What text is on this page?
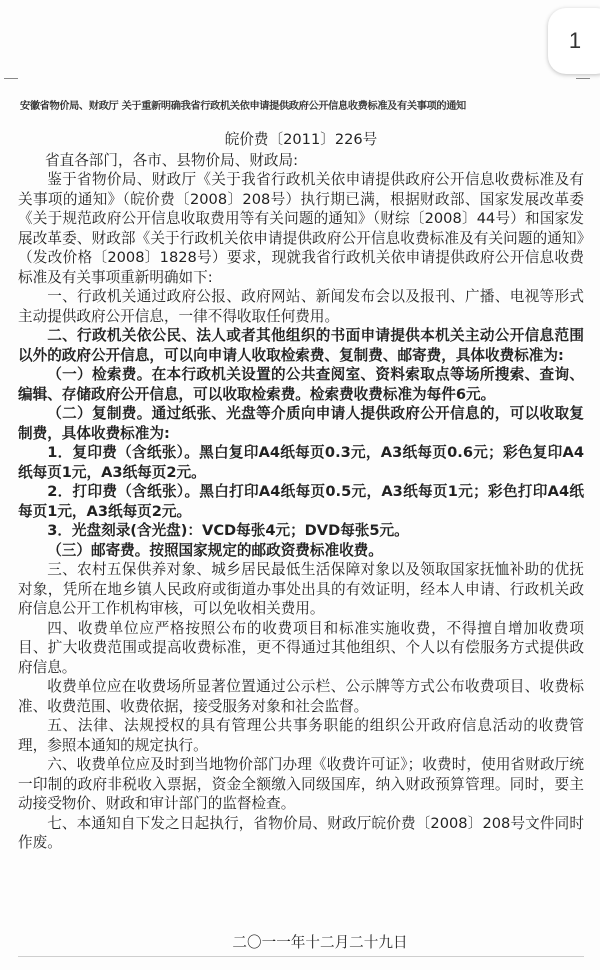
1
安徽省物价局、财政厅 关于重新明确我省行政机关依申请提供政府公开信息收费标准及有关事项的通知

皖价费〔2011〕226号

省直各部门，各市、县物价局、财政局:

鉴于省物价局、财政厅《关于我省行政机关依申请提供政府公开信息收费标准及有关事项的通知》（皖价费〔2008〕208号）执行期已满，根据财政部、国家发展改革委《关于规范政府公开信息收取费用等有关问题的通知》（财综〔2008〕44号）和国家发展改革委、财政部《关于行政机关依申请提供政府公开信息收费标准及有关问题的通知》（发改价格〔2008〕1828号）要求，现就我省行政机关依申请提供政府公开信息收费标准及有关事项重新明确如下:

一、行政机关通过政府公报、政府网站、新闻发布会以及报刊、广播、电视等形式主动提供政府公开信息，一律不得收取任何费用。

二、行政机关依公民、法人或者其他组织的书面申请提供本机关主动公开信息范围以外的政府公开信息，可以向申请人收取检索费、复制费、邮寄费，具体收费标准为:

（一）检索费。在本行政机关设置的公共查阅室、资料索取点等场所搜索、查询、编辑、存储政府公开信息，可以收取检索费。检索费收费标准为每件6元。

（二）复制费。通过纸张、光盘等介质向申请人提供政府公开信息的，可以收取复制费，具体收费标准为:

1．复印费（含纸张）。黑白复印A4纸每页0.3元，A3纸每页0.6元；彩色复印A4纸每页1元，A3纸每页2元。

2．打印费（含纸张）。黑白打印A4纸每页0.5元，A3纸每页1元；彩色打印A4纸每页1元，A3纸每页2元。

3．光盘刻录(含光盘)：VCD每张4元；DVD每张5元。

（三）邮寄费。按照国家规定的邮政资费标准收费。

三、农村五保供养对象、城乡居民最低生活保障对象以及领取国家抚恤补助的优抚对象，凭所在地乡镇人民政府或街道办事处出具的有效证明，经本人申请、行政机关政府信息公开工作机构审核，可以免收相关费用。

四、收费单位应严格按照公布的收费项目和标准实施收费，不得擅自增加收费项目、扩大收费范围或提高收费标准，更不得通过其他组织、个人以有偿服务方式提供政府信息。

收费单位应在收费场所显著位置通过公示栏、公示牌等方式公布收费项目、收费标准、收费范围、收费依据，接受服务对象和社会监督。

五、法律、法规授权的具有管理公共事务职能的组织公开政府信息活动的收费管理，参照本通知的规定执行。

六、收费单位应及时到当地物价部门办理《收费许可证》；收费时，使用省财政厅统一印制的政府非税收入票据，资金全额缴入同级国库，纳入财政预算管理。同时，要主动接受物价、财政和审计部门的监督检查。

七、本通知自下发之日起执行，省物价局、财政厅皖价费〔2008〕208号文件同时作废。

二〇一一年十二月二十九日
